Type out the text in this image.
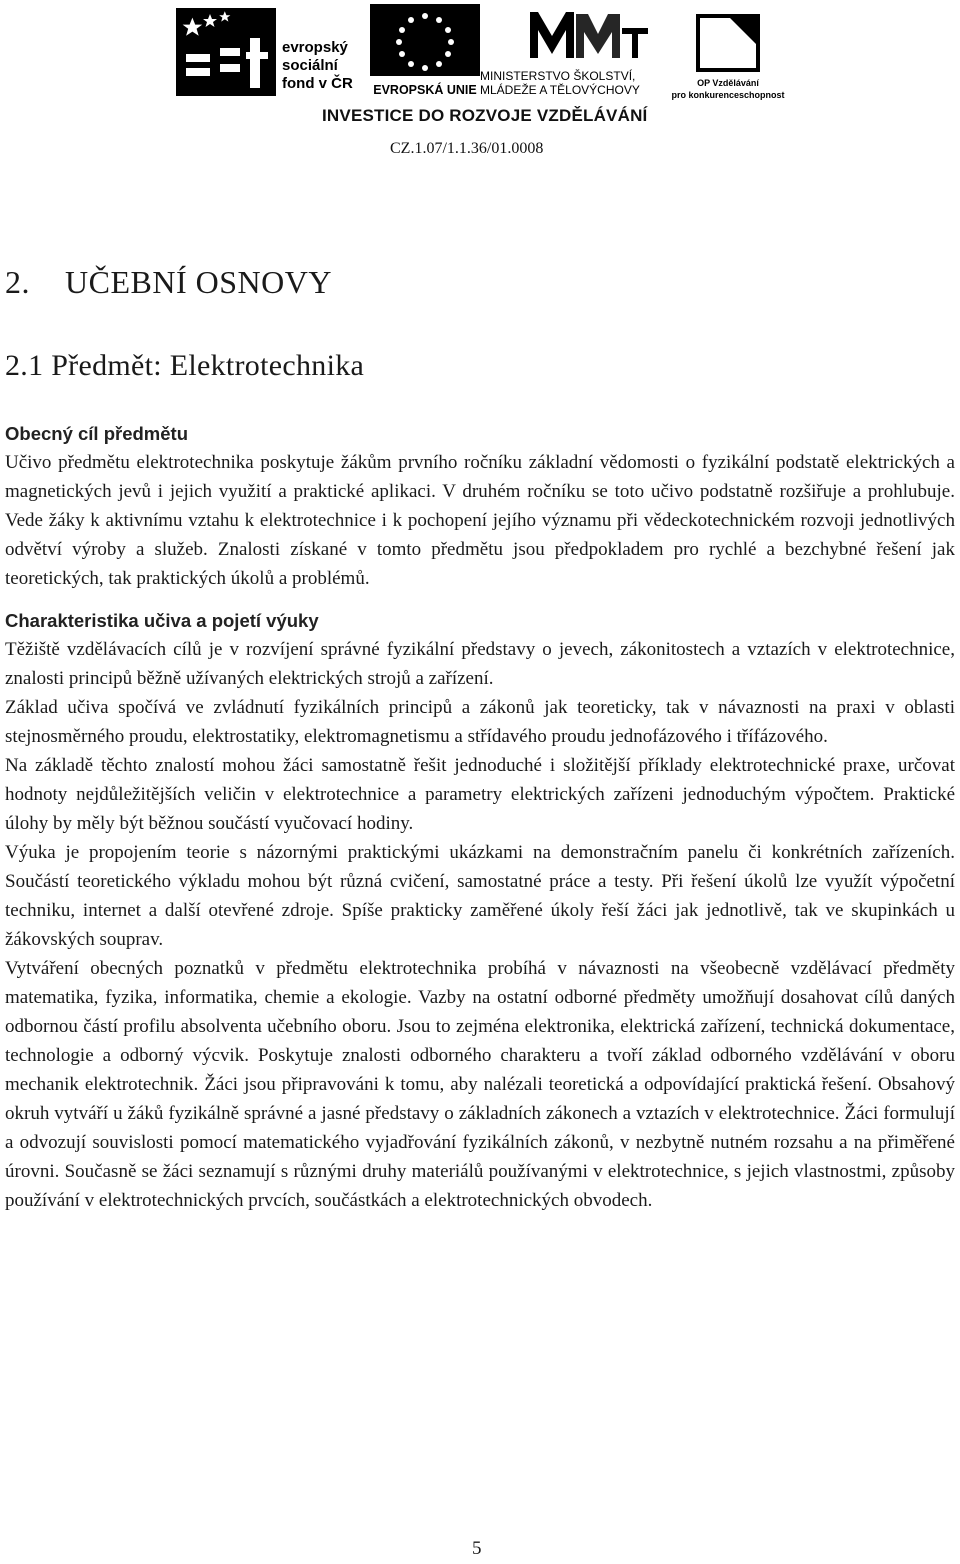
evropský
sociální
fond v ČR EVROPSKÁ UNIE
MINISTERSTVO ŠKOLSTVÍ,
MLÁDEŽE A TĚLOVÝCHOVY	OP Vzdělávání
pro konkurenceschopnost
INVESTICE DO ROZVOJE VZDĚLÁVÁNÍ
CZ.1.07/1.1.36/01.0008
2. UČEBNÍ OSNOVY
2.1 Předmět: Elektrotechnika
Obecný cíl předmětu

Učivo předmětu elektrotechnika poskytuje žákům prvního ročníku základní vědomosti o fyzikální podstatě elektrických a magnetických jevů i jejich využití a praktické aplikaci. V druhém ročníku se toto učivo podstatně rozšiřuje a prohlubuje. Vede žáky k aktivnímu vztahu k elektrotechnice i k pochopení jejího významu při vědeckotechnickém rozvoji jednotlivých odvětví výroby a služeb. Znalosti získané v tomto předmětu jsou předpokladem pro rychlé a bezchybné řešení jak teoretických, tak praktických úkolů a problémů.

Charakteristika učiva a pojetí výuky

Těžiště vzdělávacích cílů je v rozvíjení správné fyzikální představy o jevech, zákonitostech a vztazích v elektrotechnice, znalosti principů běžně užívaných elektrických strojů a zařízení.

Základ učiva spočívá ve zvládnutí fyzikálních principů a zákonů jak teoreticky, tak v návaznosti na praxi v oblasti stejnosměrného proudu, elektrostatiky, elektromagnetismu a střídavého proudu jednofázového i třífázového.

Na základě těchto znalostí mohou žáci samostatně řešit jednoduché i složitější příklady elektrotechnické praxe, určovat hodnoty nejdůležitějších veličin v elektrotechnice a parametry elektrických zařízeni jednoduchým výpočtem. Praktické úlohy by měly být běžnou součástí vyučovací hodiny.

Výuka je propojením teorie s názornými praktickými ukázkami na demonstračním panelu či konkrétních zařízeních. Součástí teoretického výkladu mohou být různá cvičení, samostatné práce a testy. Při řešení úkolů lze využít výpočetní techniku, internet a další otevřené zdroje. Spíše prakticky zaměřené úkoly řeší žáci jak jednotlivě, tak ve skupinkách u žákovských souprav.

Vytváření obecných poznatků v předmětu elektrotechnika probíhá v návaznosti na všeobecně vzdělávací předměty matematika, fyzika, informatika, chemie a ekologie. Vazby na ostatní odborné předměty umožňují dosahovat cílů daných odbornou částí profilu absolventa učebního oboru. Jsou to zejména elektronika, elektrická zařízení, technická dokumentace, technologie a odborný výcvik. Poskytuje znalosti odborného charakteru a tvoří základ odborného vzdělávání v oboru mechanik elektrotechnik. Žáci jsou připravováni k tomu, aby nalézali teoretická a odpovídající praktická řešení. Obsahový okruh vytváří u žáků fyzikálně správné a jasné představy o základních zákonech a vztazích v elektrotechnice. Žáci formulují a odvozují souvislosti pomocí matematického vyjadřování fyzikálních zákonů, v nezbytně nutném rozsahu a na přiměřené úrovni. Současně se žáci seznamují s různými druhy materiálů používanými v elektrotechnice, s jejich vlastnostmi, způsoby používání v elektrotechnických prvcích, součástkách a elektrotechnických obvodech.

5
